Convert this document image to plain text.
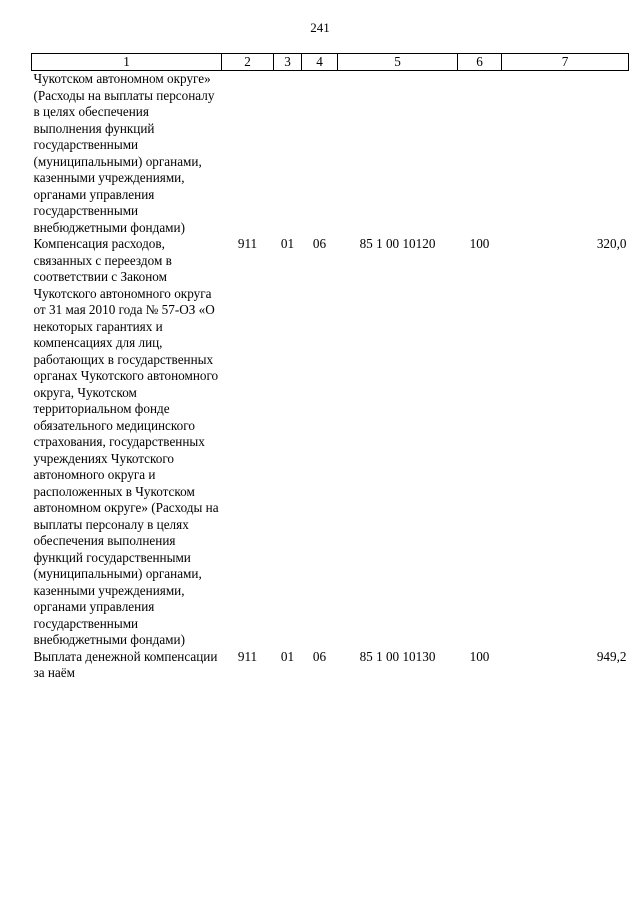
241
1	2	3	4	5	6	7
Чукотском автономном округе» (Расходы на выплаты персоналу в целях обеспечения выполнения функций государственными (муниципальными) органами, казенными учреждениями, органами управления государственными внебюджетными фондами)						
Компенсация расходов, связанных с переездом в соответствии с Законом Чукотского автономного округа от 31 мая 2010 года № 57-ОЗ «О некоторых гарантиях и компенсациях для лиц, работающих в государственных органах Чукотского автономного округа, Чукотском территориальном фонде обязательного медицинского страхования, государственных учреждениях Чукотского автономного округа и расположенных в Чукотском автономном округе» (Расходы на выплаты персоналу в целях обеспечения выполнения функций государственными (муниципальными) органами, казенными учреждениями, органами управления государственными внебюджетными фондами)	911	01	06	85 1 00 10120	100	320,0
Выплата денежной компенсации за наём	911	01	06	85 1 00 10130	100	949,2
